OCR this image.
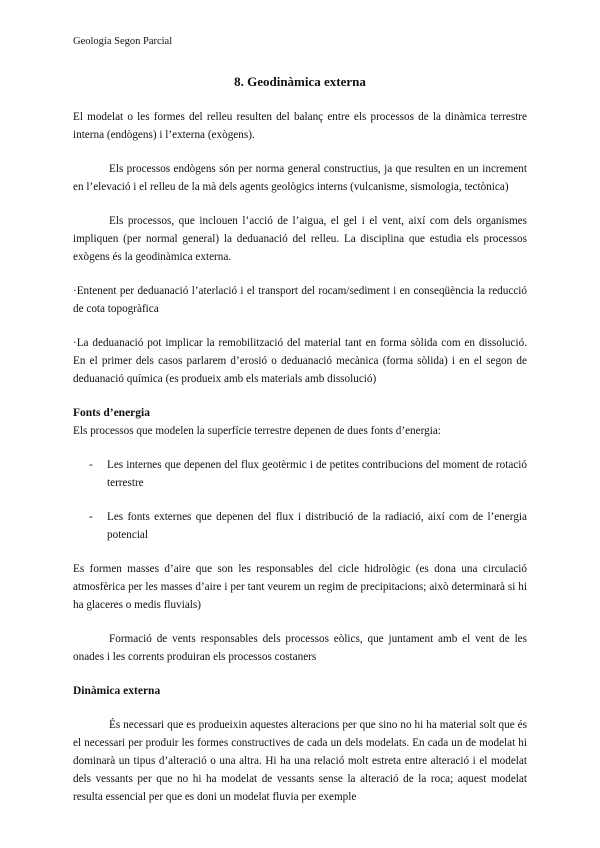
Geología Segon Parcial
8. Geodinàmica externa

El modelat o les formes del relleu resulten del balanç entre els processos de la dinàmica terrestre interna (endògens) i l’externa (exògens).

Els processos endògens són per norma general constructius, ja que resulten en un increment en l’elevació i el relleu de la mà dels agents geològics interns (vulcanisme, sismologia, tectònica)

Els processos, que inclouen l’acció de l’aigua, el gel i el vent, així com dels organismes impliquen (per normal general) la deduanació del relleu. La disciplina que estudia els processos exògens és la geodinàmica externa.

·Entenent per deduanació l’aterlació i el transport del rocam/sediment i en conseqüència la reducció de cota topogràfica

·La deduanació pot implicar la remobilització del material tant en forma sòlida com en dissolució. En el primer dels casos parlarem d’erosió o deduanació mecànica (forma sòlida) i en el segon de deduanació química (es produeix amb els materials amb dissolució)

Fonts d’energia

Els processos que modelen la superfície terrestre depenen de dues fonts d’energia:

- Les internes que depenen del flux geotèrmic i de petites contribucions del moment de rotació terrestre
- Les fonts externes que depenen del flux i distribució de la radiació, així com de l’energia potencial

Es formen masses d’aire que son les responsables del cicle hidrològic (es dona una circulació atmosfèrica per les masses d’aire i per tant veurem un regim de precipitacions; això determinarà si hi ha glaceres o medis fluvials)

Formació de vents responsables dels processos eòlics, que juntament amb el vent de les onades i les corrents produiran els processos costaners

Dinàmica externa

És necessari que es produeixin aquestes alteracions per que sino no hi ha material solt que és el necessari per produir les formes constructives de cada un dels modelats. En cada un de modelat hi dominarà un tipus d’alteració o una altra. Hi ha una relació molt estreta entre alteració i el modelat dels vessants per que no hi ha modelat de vessants sense la alteració de la roca; aquest modelat resulta essencial per que es doni un modelat fluvia per exemple
